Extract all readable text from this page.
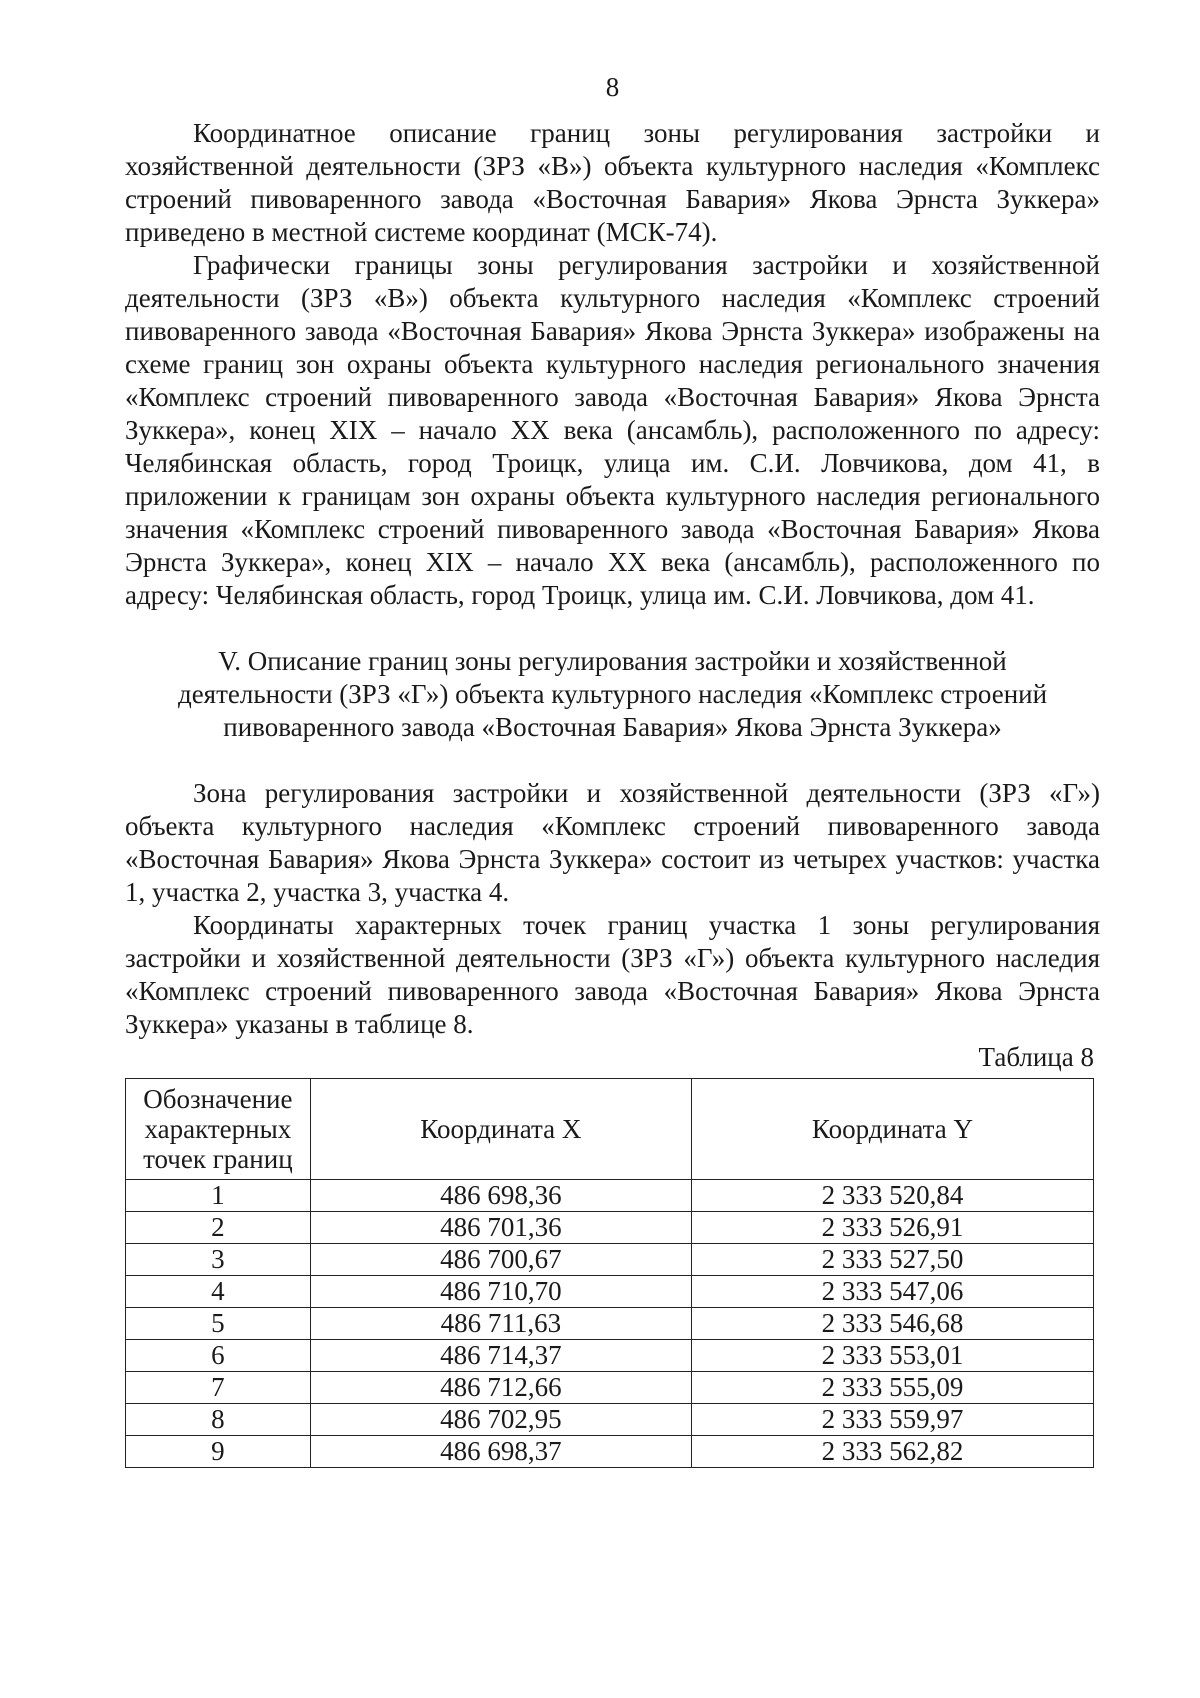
8

Координатное описание границ зоны регулирования застройки и хозяйственной деятельности (ЗРЗ «В») объекта культурного наследия «Комплекс строений пивоваренного завода «Восточная Бавария» Якова Эрнста Зуккера» приведено в местной системе координат (МСК-74).

Графически границы зоны регулирования застройки и хозяйственной деятельности (ЗРЗ «В») объекта культурного наследия «Комплекс строений пивоваренного завода «Восточная Бавария» Якова Эрнста Зуккера» изображены на схеме границ зон охраны объекта культурного наследия регионального значения «Комплекс строений пивоваренного завода «Восточная Бавария» Якова Эрнста Зуккера», конец XIX – начало XX века (ансамбль), расположенного по адресу: Челябинская область, город Троицк, улица им. С.И. Ловчикова, дом 41, в приложении к границам зон охраны объекта культурного наследия регионального значения «Комплекс строений пивоваренного завода «Восточная Бавария» Якова Эрнста Зуккера», конец XIX – начало XX века (ансамбль), расположенного по адресу: Челябинская область, город Троицк, улица им. С.И. Ловчикова, дом 41.

V. Описание границ зоны регулирования застройки и хозяйственной
деятельности (ЗРЗ «Г») объекта культурного наследия «Комплекс строений
пивоваренного завода «Восточная Бавария» Якова Эрнста Зуккера»

Зона регулирования застройки и хозяйственной деятельности (ЗРЗ «Г») объекта культурного наследия «Комплекс строений пивоваренного завода «Восточная Бавария» Якова Эрнста Зуккера» состоит из четырех участков: участка 1, участка 2, участка 3, участка 4.

Координаты характерных точек границ участка 1 зоны регулирования застройки и хозяйственной деятельности (ЗРЗ «Г») объекта культурного наследия «Комплекс строений пивоваренного завода «Восточная Бавария» Якова Эрнста Зуккера» указаны в таблице 8.

Таблица 8

Обозначение
характерных
точек границ	Координата X	Координата Y
1	486 698,36	2 333 520,84
2	486 701,36	2 333 526,91
3	486 700,67	2 333 527,50
4	486 710,70	2 333 547,06
5	486 711,63	2 333 546,68
6	486 714,37	2 333 553,01
7	486 712,66	2 333 555,09
8	486 702,95	2 333 559,97
9	486 698,37	2 333 562,82
